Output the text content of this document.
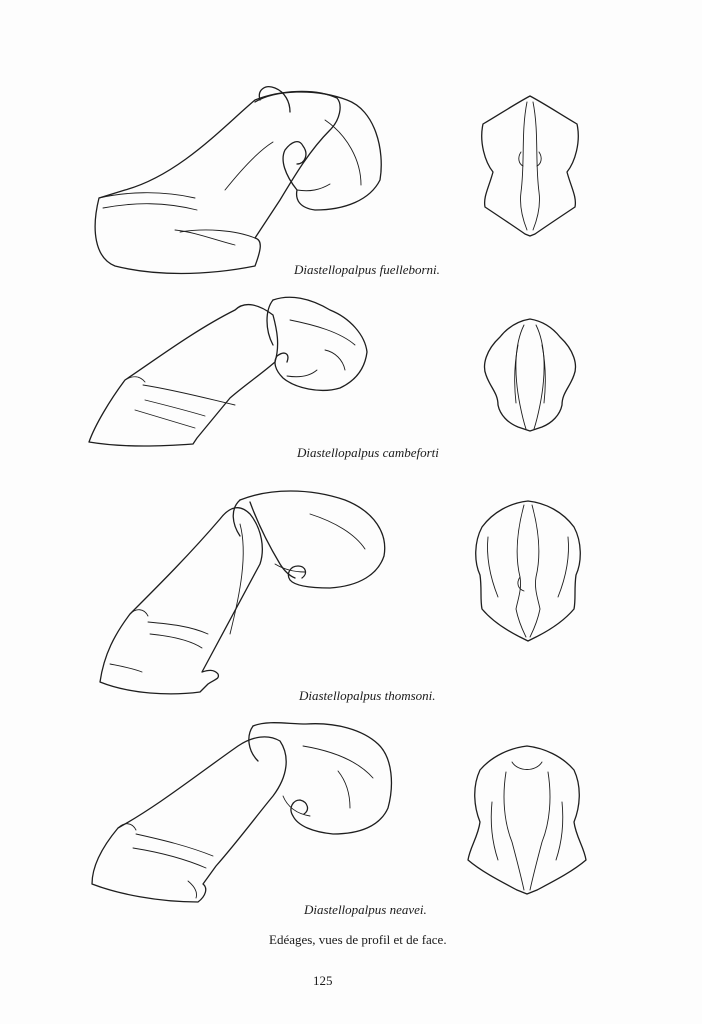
Diastellopalpus fuelleborni.
Diastellopalpus cambeforti
Diastellopalpus thomsoni.
Diastellopalpus neavei.
Edéages, vues de profil et de face.
125
